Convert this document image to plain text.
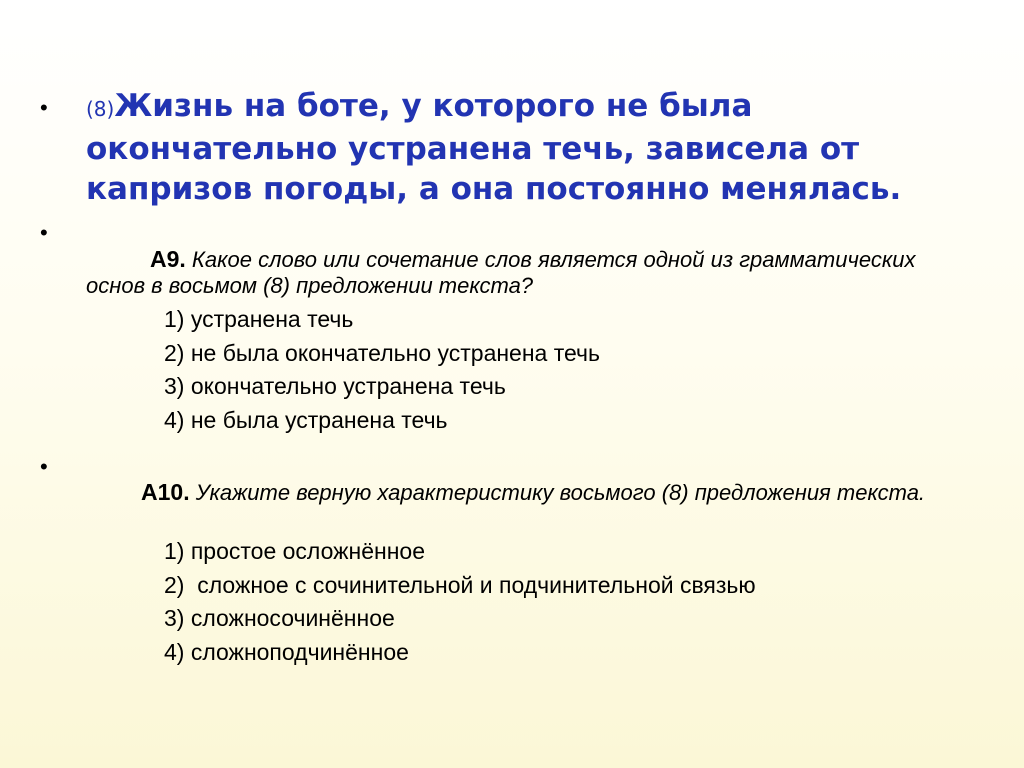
• (8)Жизнь на боте, у которого не была окончательно устранена течь, зависела от капризов погоды, а она постоянно менялась.
•
А9. Какое слово или сочетание слов является одной из грамматических основ в восьмом (8) предложении текста?
1) устранена течь
2) не была окончательно устранена течь
3) окончательно устранена течь
4) не была устранена течь
•
А10. Укажите верную характеристику восьмого (8) предложения текста.
1) простое осложнённое
2)  сложное с сочинительной и подчинительной связью
3) сложносочинённое
4) сложноподчинённое
